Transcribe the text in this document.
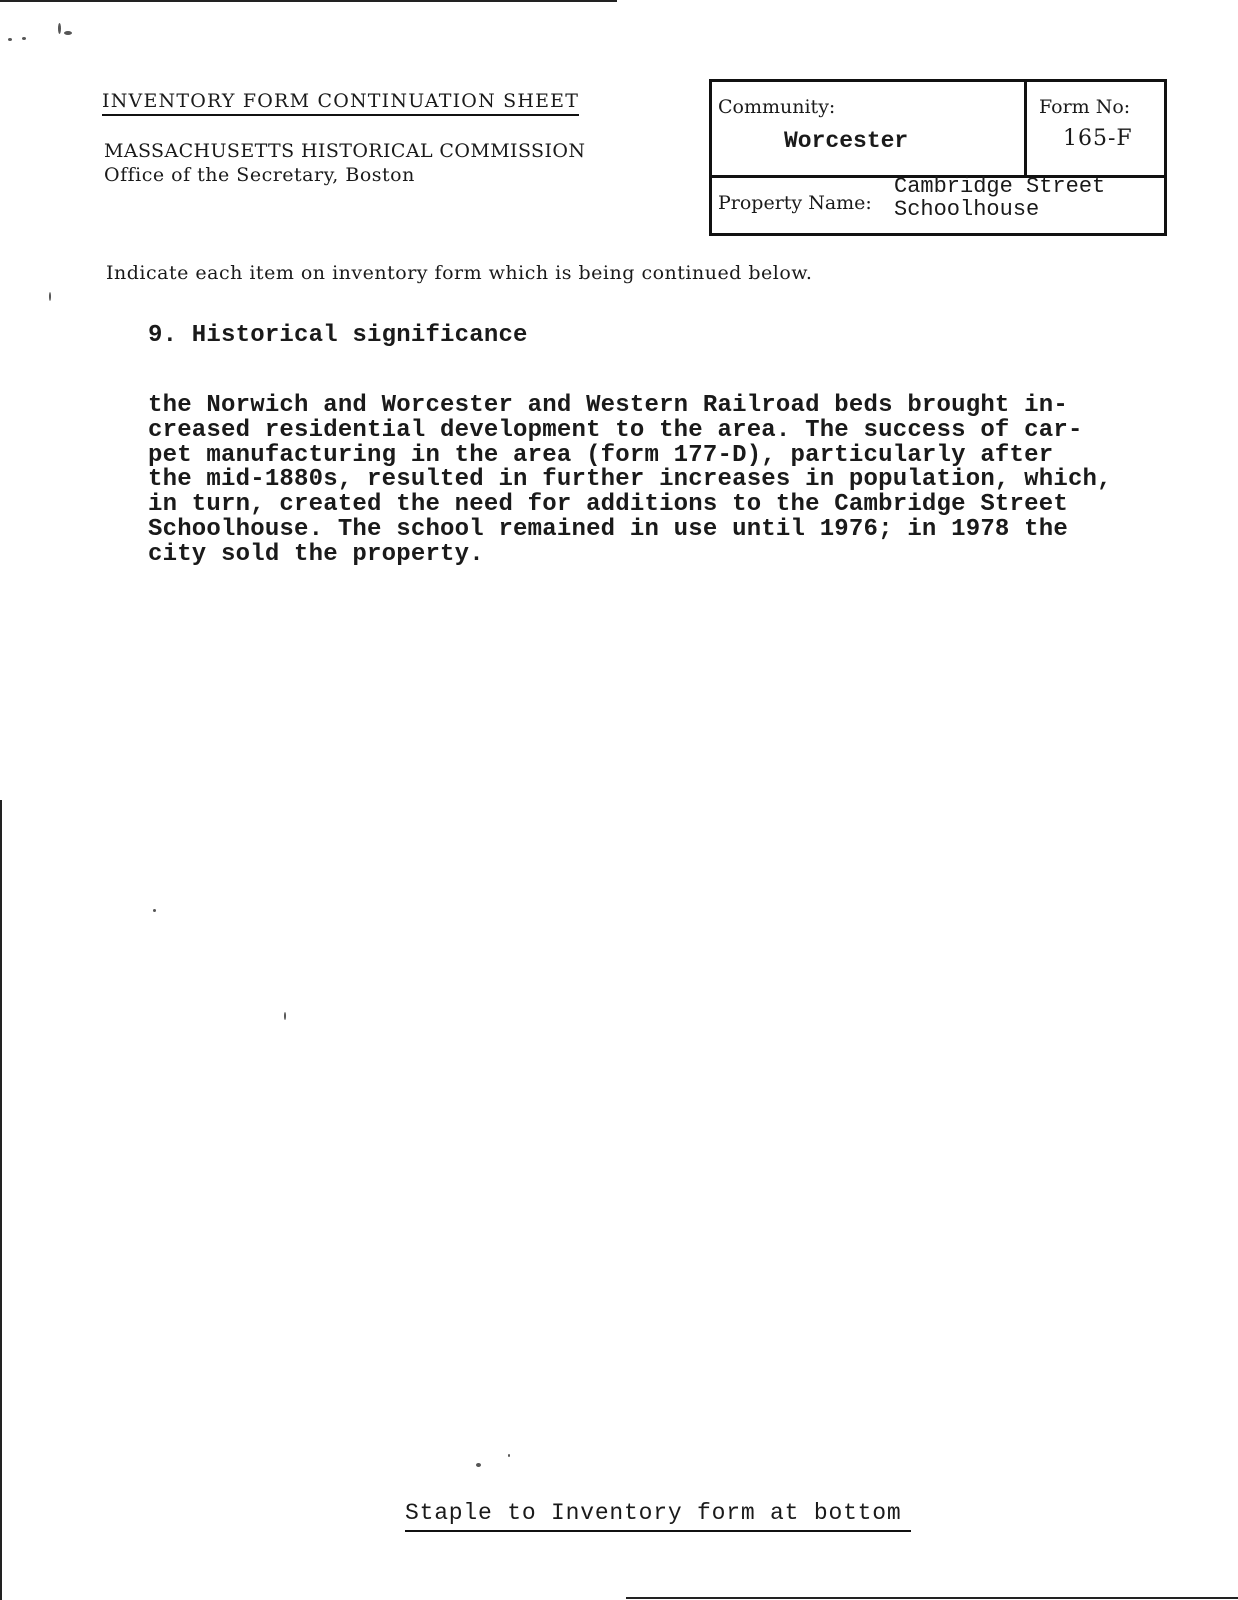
INVENTORY FORM CONTINUATION SHEET
MASSACHUSETTS HISTORICAL COMMISSION
Office of the Secretary, Boston
Community:
Worcester
Form No:
165-F
Property Name:
Cambridge Street
Schoolhouse
Indicate each item on inventory form which is being continued below.
9. Historical significance
the Norwich and Worcester and Western Railroad beds brought in-
creased residential development to the area. The success of car-
pet manufacturing in the area (form 177-D), particularly after
the mid-1880s, resulted in further increases in population, which,
in turn, created the need for additions to the Cambridge Street
Schoolhouse. The school remained in use until 1976; in 1978 the
city sold the property.
Staple to Inventory form at bottom
